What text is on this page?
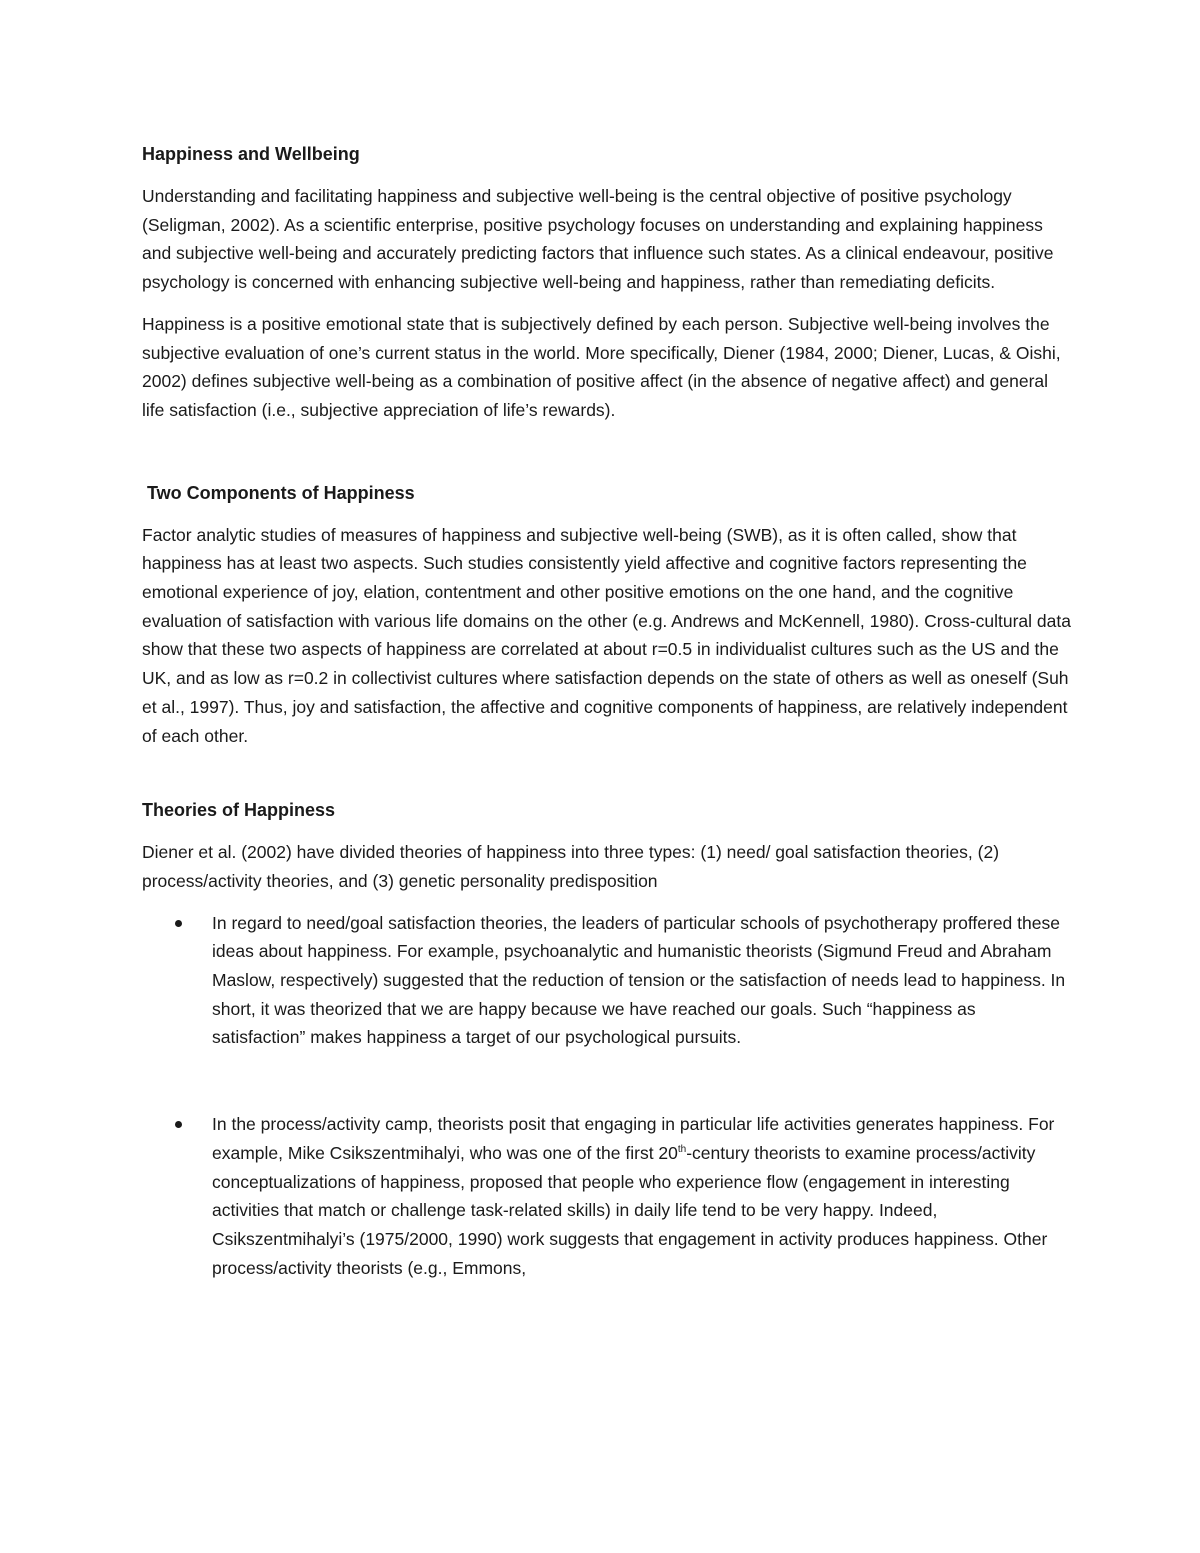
Happiness and Wellbeing

Understanding and facilitating happiness and subjective well-being is the central objective of positive psychology (Seligman, 2002). As a scientific enterprise, positive psychology focuses on understanding and explaining happiness and subjective well-being and accurately predicting factors that influence such states. As a clinical endeavour, positive psychology is concerned with enhancing subjective well-being and happiness, rather than remediating deficits.

Happiness is a positive emotional state that is subjectively defined by each person. Subjective well-being involves the subjective evaluation of one’s current status in the world. More specifically, Diener (1984, 2000; Diener, Lucas, & Oishi, 2002) defines subjective well-being as a combination of positive affect (in the absence of negative affect) and general life satisfaction (i.e., subjective appreciation of life’s rewards).

Two Components of Happiness

Factor analytic studies of measures of happiness and subjective well-being (SWB), as it is often called, show that happiness has at least two aspects. Such studies consistently yield affective and cognitive factors representing the emotional experience of joy, elation, contentment and other positive emotions on the one hand, and the cognitive evaluation of satisfaction with various life domains on the other (e.g. Andrews and McKennell, 1980). Cross-cultural data show that these two aspects of happiness are correlated at about r=0.5 in individualist cultures such as the US and the UK, and as low as r=0.2 in collectivist cultures where satisfaction depends on the state of others as well as oneself (Suh et al., 1997). Thus, joy and satisfaction, the affective and cognitive components of happiness, are relatively independent of each other.

Theories of Happiness

Diener et al. (2002) have divided theories of happiness into three types: (1) need/ goal satisfaction theories, (2) process/activity theories, and (3) genetic personality predisposition

In regard to need/goal satisfaction theories, the leaders of particular schools of psychotherapy proffered these ideas about happiness. For example, psychoanalytic and humanistic theorists (Sigmund Freud and Abraham Maslow, respectively) suggested that the reduction of tension or the satisfaction of needs lead to happiness. In short, it was theorized that we are happy because we have reached our goals. Such “happiness as satisfaction” makes happiness a target of our psychological pursuits.
In the process/activity camp, theorists posit that engaging in particular life activities generates happiness. For example, Mike Csikszentmihalyi, who was one of the first 20th-century theorists to examine process/activity conceptualizations of happiness, proposed that people who experience flow (engagement in interesting activities that match or challenge task-related skills) in daily life tend to be very happy. Indeed, Csikszentmihalyi’s (1975/2000, 1990) work suggests that engagement in activity produces happiness. Other process/activity theorists (e.g., Emmons,
